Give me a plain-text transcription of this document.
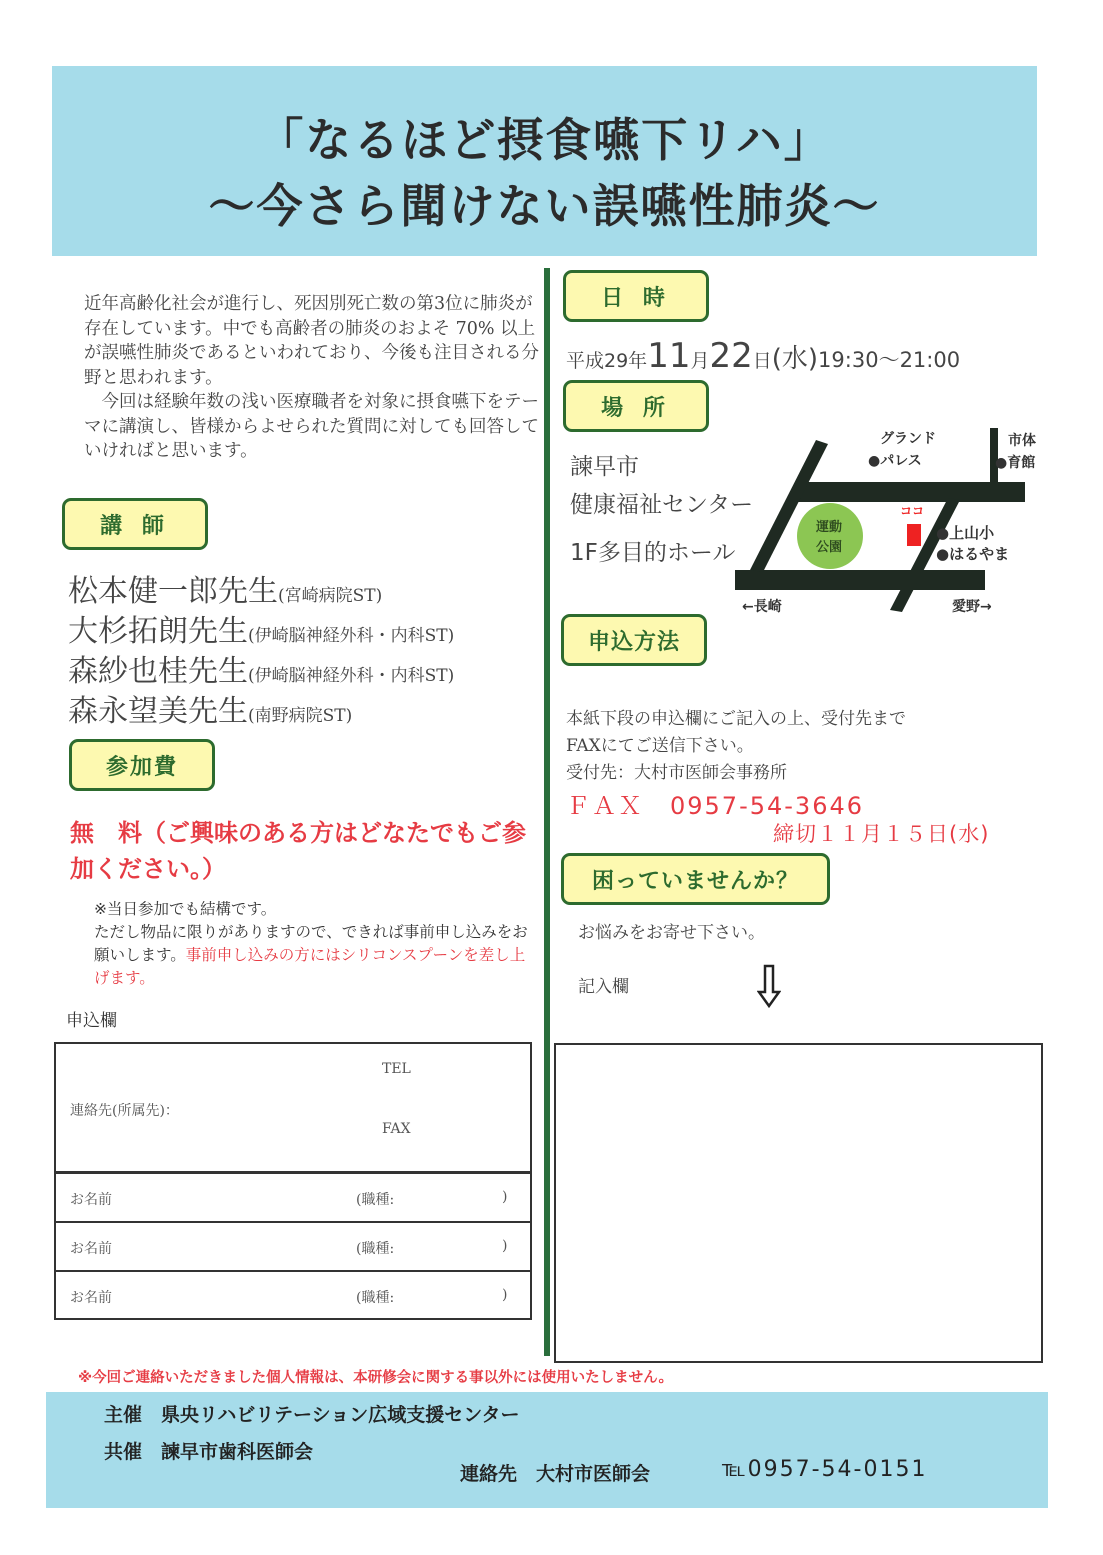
「なるほど摂食嚥下リハ」
～今さら聞けない誤嚥性肺炎～

近年高齢化社会が進行し、死因別死亡数の第3位に肺炎が存在しています。中でも高齢者の肺炎のおよそ 70% 以上が誤嚥性肺炎であるといわれており、今後も注目される分野と思われます。

今回は経験年数の浅い医療職者を対象に摂食嚥下をテーマに講演し、皆様からよせられた質問に対しても回答していければと思います。

講 師
松本健一郎先生(宮崎病院ST)
大杉拓朗先生(伊崎脳神経外科・内科ST)
森紗也桂先生(伊崎脳神経外科・内科ST)
森永望美先生(南野病院ST)
参加費
無　料（ご興味のある方はどなたでもご参加ください。）
※当日参加でも結構です。
ただし物品に限りがありますので、できれば事前申し込みをお願いします。事前申し込みの方にはシリコンスプーンを差し上げます。
申込欄
連絡先(所属先)：
TEL
FAX
お名前	(職種:	)
お名前	(職種:	)
お名前	(職種:	)
日 時
平成29年11月22日(水)19:30～21:00
場 所
諫早市
健康福祉センター
1F多目的ホール
グランド
●パレス
市体
●育館
運動
公園
ココ
●上山小
●はるやま
←長崎	愛野→
申込方法
本紙下段の申込欄にご記入の上、受付先まで
FAXにてご送信下さい。
受付先：大村市医師会事務所
ＦＡＸ　0957-54-3646
締切１１月１５日(水)
困っていませんか？
お悩みをお寄せ下さい。
記入欄
※今回ご連絡いただきました個人情報は、本研修会に関する事以外には使用いたしません。
主催　県央リハビリテーション広域支援センター
共催　諫早市歯科医師会
連絡先　大村市医師会	℡0957-54-0151
